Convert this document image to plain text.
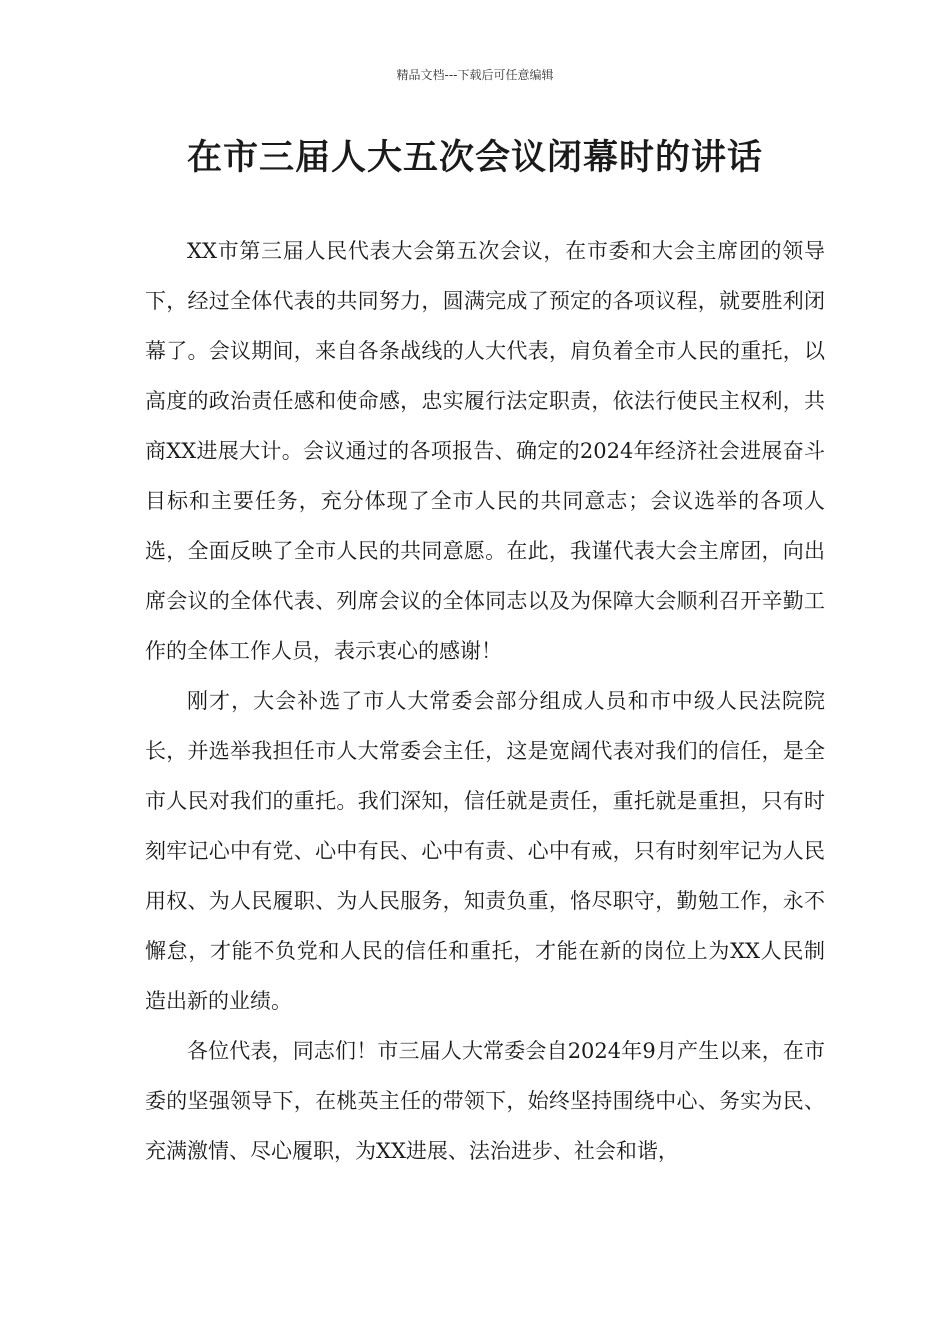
精品文档---下载后可任意编辑
在市三届人大五次会议闭幕时的讲话

XX市第三届人民代表大会第五次会议，在市委和大会主席团的领导下，经过全体代表的共同努力，圆满完成了预定的各项议程，就要胜利闭幕了。会议期间，来自各条战线的人大代表，肩负着全市人民的重托，以高度的政治责任感和使命感，忠实履行法定职责，依法行使民主权利，共商XX进展大计。会议通过的各项报告、确定的2024年经济社会进展奋斗目标和主要任务，充分体现了全市人民的共同意志；会议选举的各项人选，全面反映了全市人民的共同意愿。在此，我谨代表大会主席团，向出席会议的全体代表、列席会议的全体同志以及为保障大会顺利召开辛勤工作的全体工作人员，表示衷心的感谢！

刚才，大会补选了市人大常委会部分组成人员和市中级人民法院院长，并选举我担任市人大常委会主任，这是宽阔代表对我们的信任，是全市人民对我们的重托。我们深知，信任就是责任，重托就是重担，只有时刻牢记心中有党、心中有民、心中有责、心中有戒，只有时刻牢记为人民用权、为人民履职、为人民服务，知责负重，恪尽职守，勤勉工作，永不懈怠，才能不负党和人民的信任和重托，才能在新的岗位上为XX人民制造出新的业绩。

各位代表，同志们！市三届人大常委会自2024年9月产生以来，在市委的坚强领导下，在桃英主任的带领下，始终坚持围绕中心、务实为民、充满激情、尽心履职，为XX进展、法治进步、社会和谐，
